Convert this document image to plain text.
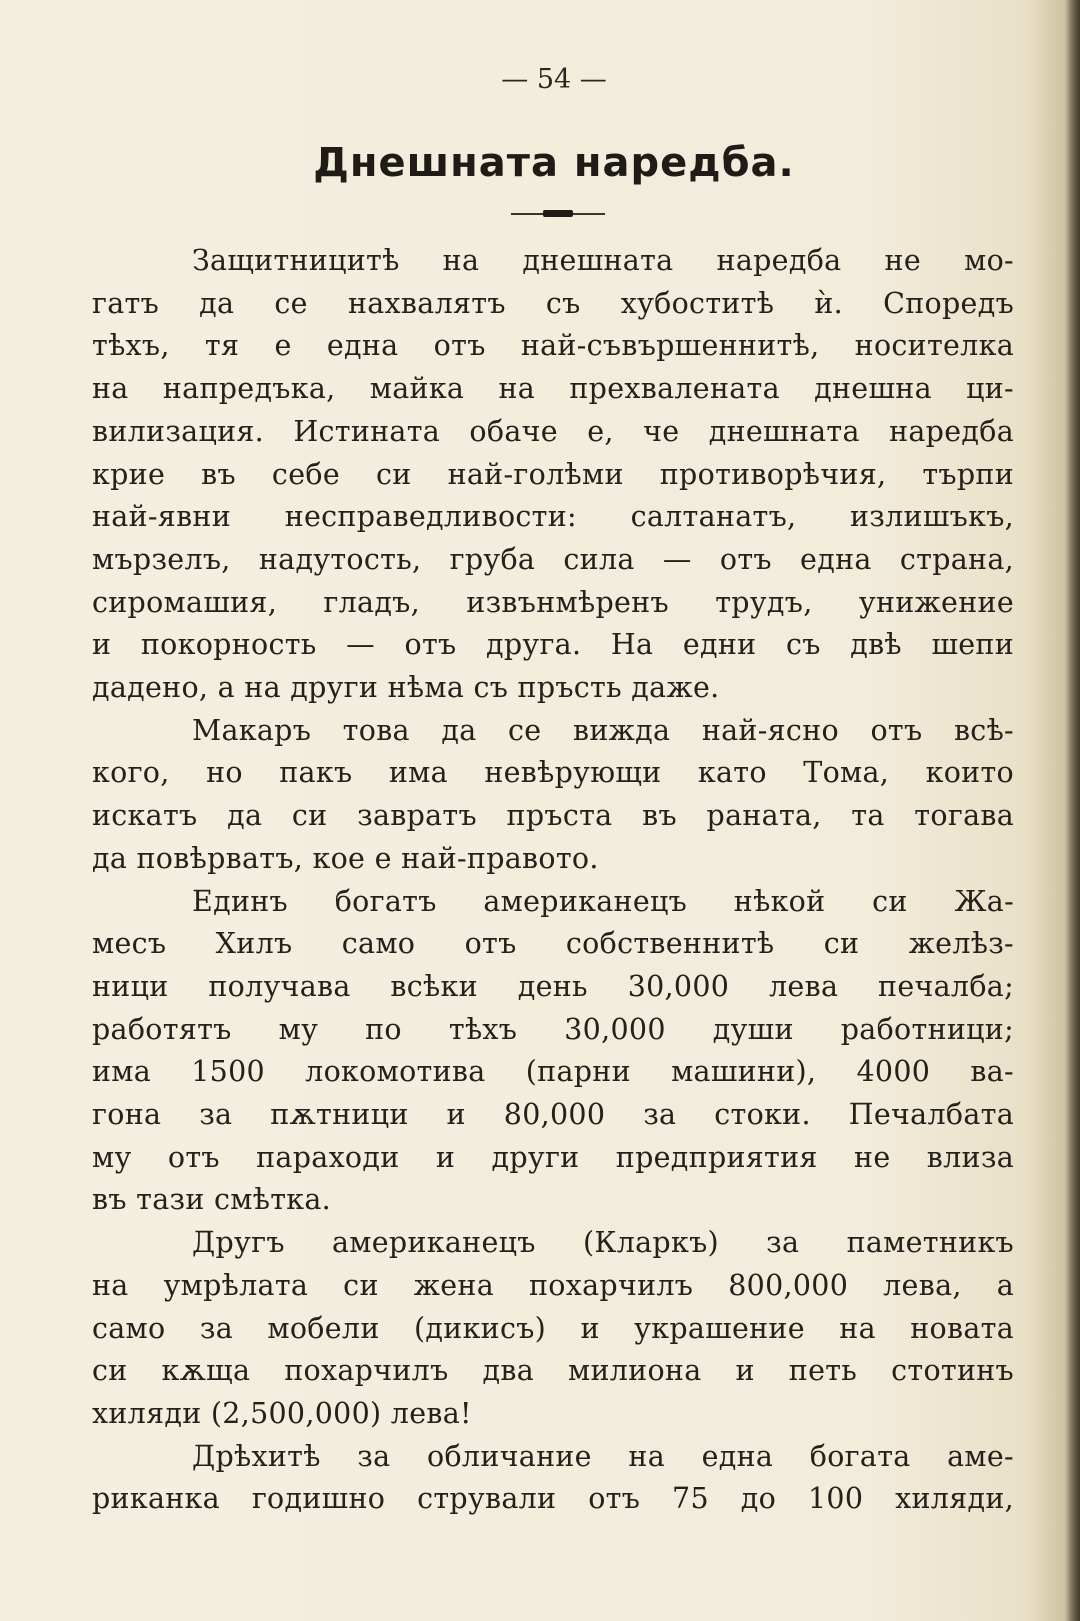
— 54 —
Днешната наредба.
Защитницитѣ на днешната наредба не мо-
гатъ да се нахвалятъ съ хубоститѣ ѝ. Споредъ
тѣхъ, тя е една отъ най-съвършеннитѣ, носителка
на напредъка, майка на прехвалената днешна ци-
вилизация. Истината обаче е, че днешната наредба
крие въ себе си най-голѣми противорѣчия, търпи
най-явни несправедливости: салтанатъ, излишъкъ,
мързелъ, надутость, груба сила — отъ една страна,
сиромашия, гладъ, извънмѣренъ трудъ, унижение
и покорность — отъ друга. На едни съ двѣ шепи
дадено, а на други нѣма съ пръсть даже.
Макаръ това да се вижда най-ясно отъ всѣ-
кого, но пакъ има невѣрующи като Тома, които
искатъ да си завратъ пръста въ раната, та тогава
да повѣрватъ, кое е най-правото.
Единъ богатъ американецъ нѣкой си Жа-
месъ Хилъ само отъ собственнитѣ си желѣз-
ници получава всѣки день 30,000 лева печалба;
работятъ му по тѣхъ 30,000 души работници;
има 1500 локомотива (парни машини), 4000 ва-
гона за пѫтници и 80,000 за стоки. Печалбата
му отъ параходи и други предприятия не влиза
въ тази смѣтка.
Другъ американецъ (Кларкъ) за паметникъ
на умрѣлата си жена похарчилъ 800,000 лева, а
само за мобели (дикисъ) и украшение на новата
си кѫща похарчилъ два милиона и петь стотинъ
хиляди (2,500,000) лева!
Дрѣхитѣ за обличание на една богата аме-
риканка годишно стрували отъ 75 до 100 хиляди,
